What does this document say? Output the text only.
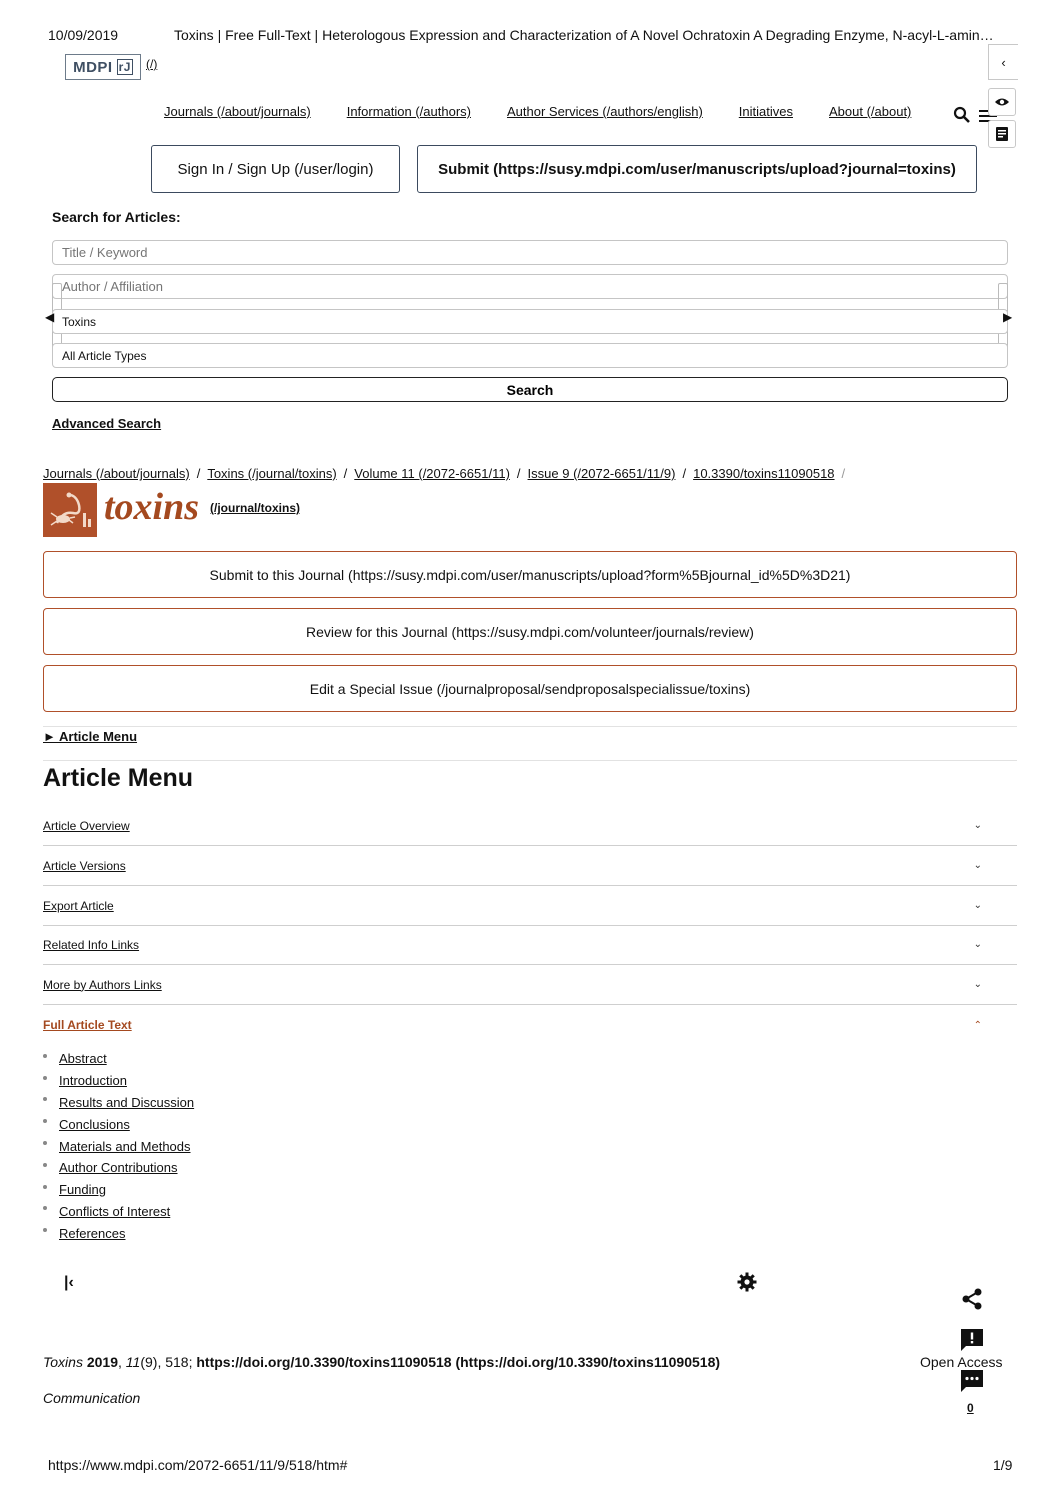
10/09/2019	Toxins | Free Full-Text | Heterologous Expression and Characterization of A Novel Ochratoxin A Degrading Enzyme, N-acyl-L-amin…
MDPI rJ (/)
Journals (/about/journals)	Information (/authors)	Author Services (/authors/english)	Initiatives	About (/about)
‹
Sign In / Sign Up (/user/login)	Submit (https://susy.mdpi.com/user/manuscripts/upload?journal=toxins)
Search for Articles:
Title / Keyword
Author / Affiliation
Toxins
All Article Types
◀	▶
Search
Advanced Search
Journals (/about/journals) / Toxins (/journal/toxins) / Volume 11 (/2072-6651/11) / Issue 9 (/2072-6651/11/9) / 10.3390/toxins11090518 /
toxins (/journal/toxins)
Submit to this Journal (https://susy.mdpi.com/user/manuscripts/upload?form%5Bjournal_id%5D%3D21)
Review for this Journal (https://susy.mdpi.com/volunteer/journals/review)
Edit a Special Issue (/journalproposal/sendproposalspecialissue/toxins)
► Article Menu
Article Menu
Article Overview	⌄
Article Versions	⌄
Export Article	⌄
Related Info Links	⌄
More by Authors Links	⌄
Full Article Text	⌃
Abstract
Introduction
Results and Discussion
Conclusions
Materials and Methods
Author Contributions
Funding
Conflicts of Interest
References
|‹
0
Toxins 2019, 11(9), 518; https://doi.org/10.3390/toxins11090518 (https://doi.org/10.3390/toxins11090518)	Open Access
Communication
https://www.mdpi.com/2072-6651/11/9/518/htm#	1/9
